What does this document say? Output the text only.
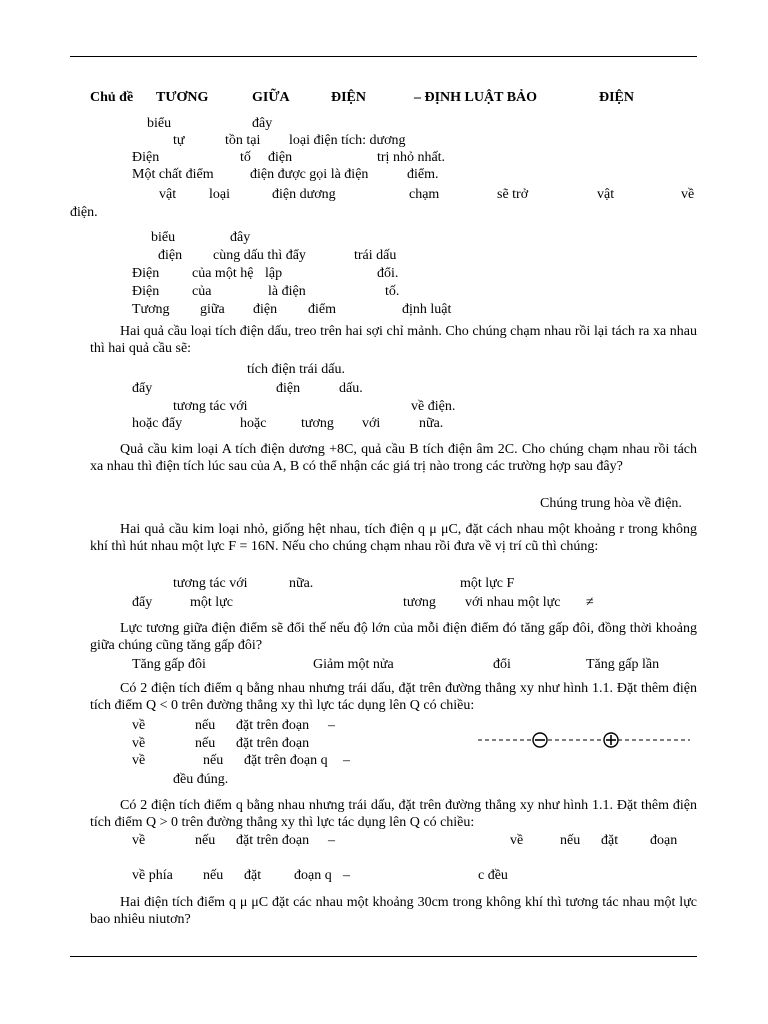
Chủ đề TƯƠNG	GIỮA	ĐIỆN	– ĐỊNH LUẬT BẢO	ĐIỆN
biểu	đây
tự	tồn tại loại điện tích: dương
Điện	tố điện	trị nhỏ nhất.
Một chất điểm	điện được gọi là điện	điểm.
vật loại	điện dương	chạm	sẽ trở	vật	về
điện.
biểu	đây
điện cùng dấu thì đẩy	trái dấu
Điện của một hệ lập	đổi.
Điện của	là điện	tố.
Tương giữa điện điểm	định luật
Hai quả cầu loại tích điện dấu, treo trên hai sợi chỉ mảnh. Cho chúng chạm nhau rồi lại tách ra xa nhau thì hai quả cầu sẽ:
tích điện trái dấu.
đẩy	điện	dấu.
tương tác với	về điện.
hoặc đẩy	hoặc tương với	nữa.
Quả cầu kim loại A tích điện dương +8C, quả cầu B tích điện âm 2C. Cho chúng chạm nhau rồi tách xa nhau thì điện tích lúc sau của A, B có thể nhận các giá trị nào trong các trường hợp sau đây?
Chúng trung hòa về điện.
Hai quả cầu kim loại nhỏ, giống hệt nhau, tích điện q μ μC, đặt cách nhau một khoảng r trong không khí thì hút nhau một lực F = 16N. Nếu cho chúng chạm nhau rồi đưa về vị trí cũ thì chúng:
tương tác với	nữa.	một lực F
đẩy	một lực	tương với nhau một lực ≠
Lực tương giữa điện điểm sẽ đổi thế nếu độ lớn của mỗi điện điểm đó tăng gấp đôi, đồng thời khoảng giữa chúng cũng tăng gấp đôi?
Tăng gấp đôi	Giảm một nửa	đổi	Tăng gấp lần
Có 2 điện tích điểm q bằng nhau nhưng trái dấu, đặt trên đường thẳng xy như hình 1.1. Đặt thêm điện tích điểm Q < 0 trên đường thẳng xy thì lực tác dụng lên Q có chiều:
về	nếu đặt trên đoạn –
về	nếu đặt trên đoạn
về	nếu đặt trên đoạn q –
đều đúng.
Có 2 điện tích điểm q bằng nhau nhưng trái dấu, đặt trên đường thẳng xy như hình 1.1. Đặt thêm điện tích điểm Q > 0 trên đường thẳng xy thì lực tác dụng lên Q có chiều:
về	nếu đặt trên đoạn –	về	nếu đặt đoạn
về phía nếu đặt đoạn q –	c đều
Hai điện tích điểm q μ μC đặt các nhau một khoảng 30cm trong không khí thì tương tác nhau một lực bao nhiêu niutơn?
